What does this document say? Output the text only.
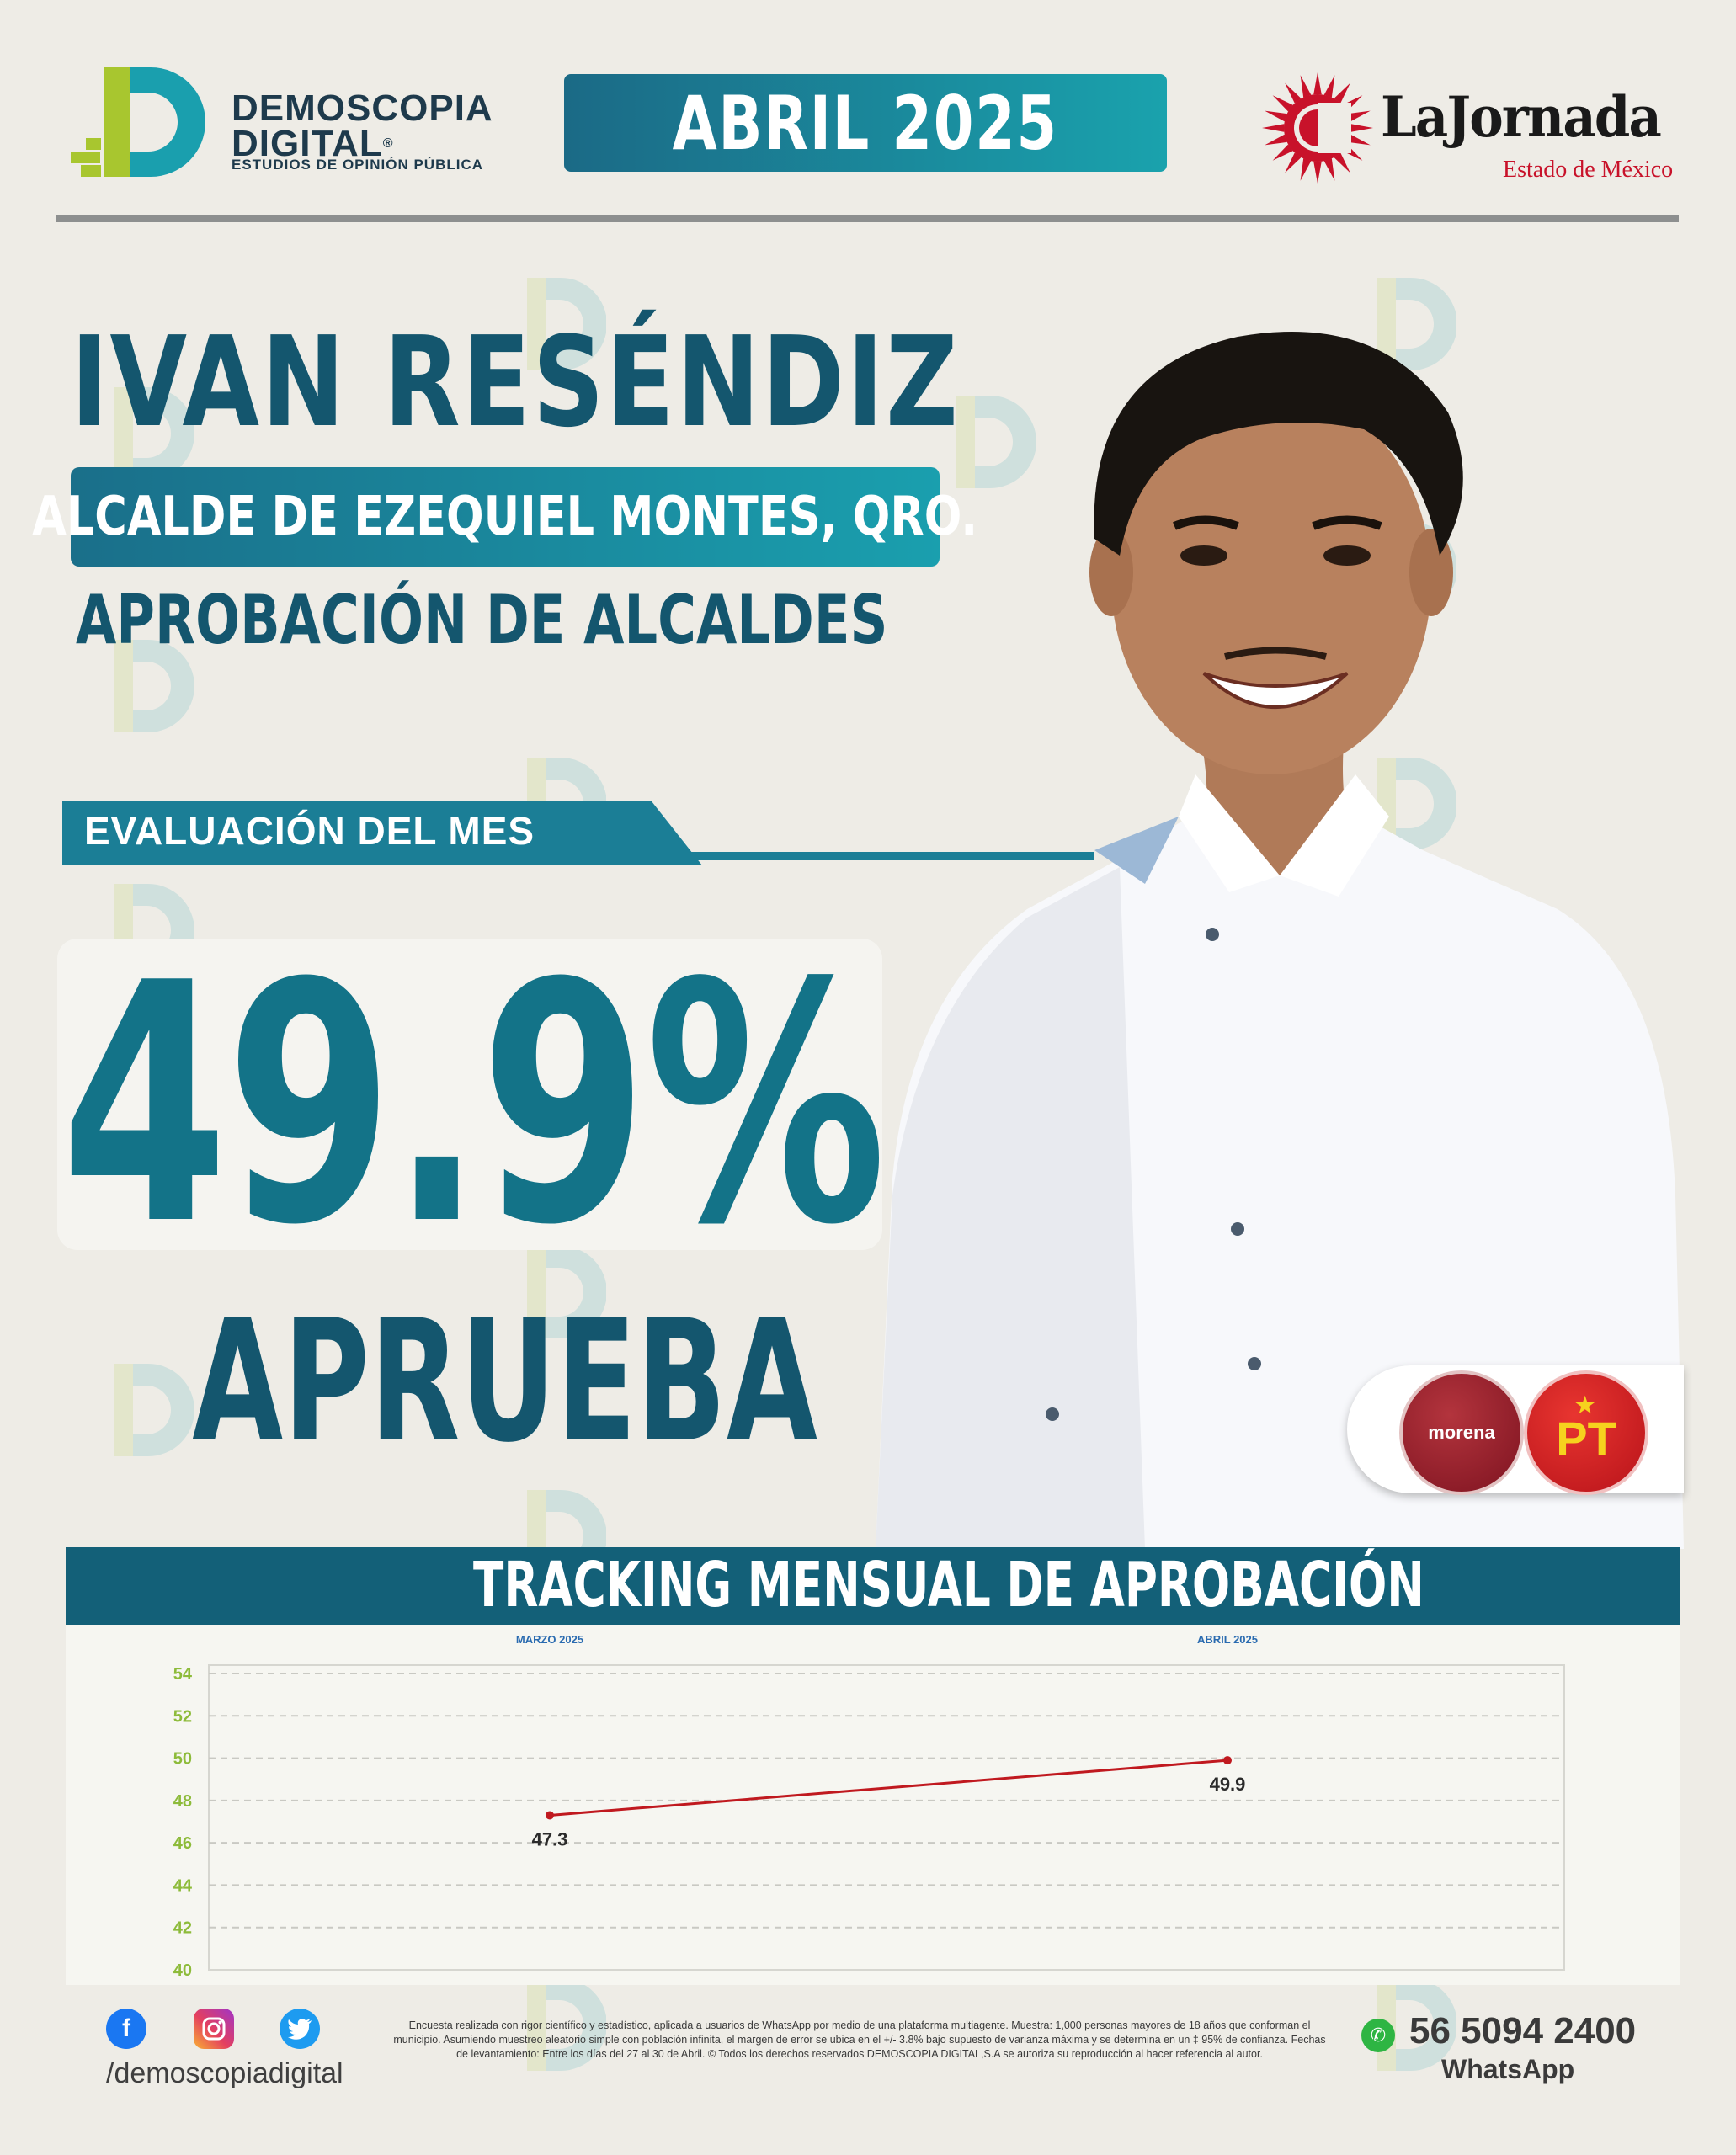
DEMOSCOPIA
DIGITAL®
ESTUDIOS DE OPINIÓN PÚBLICA	ABRIL 2025	LaJornada
Estado de México
IVAN RESÉNDIZ
ALCALDE DE EZEQUIEL MONTES, QRO.
APROBACIÓN DE ALCALDES
EVALUACIÓN DEL MES
49.9%
APRUEBA	morena
★
PT
TRACKING MENSUAL DE APROBACIÓN
54
52
50
48
46
44
42
40
MARZO 2025	ABRIL 2025
47.3
49.9
f
/demoscopiadigital
Encuesta realizada con rigor científico y estadístico, aplicada a usuarios de WhatsApp por medio de una plataforma multiagente. Muestra: 1,000 personas mayores de 18 años que conforman el municipio. Asumiendo muestreo aleatorio simple con población infinita, el margen de error se ubica en el +/- 3.8% bajo supuesto de varianza máxima y se determina en un ‡ 95% de confianza. Fechas de levantamiento: Entre los días del 27 al 30 de Abril. © Todos los derechos reservados DEMOSCOPIA DIGITAL,S.A se autoriza su reproducción al hacer referencia al autor.
✆ 56 5094 2400
WhatsApp
